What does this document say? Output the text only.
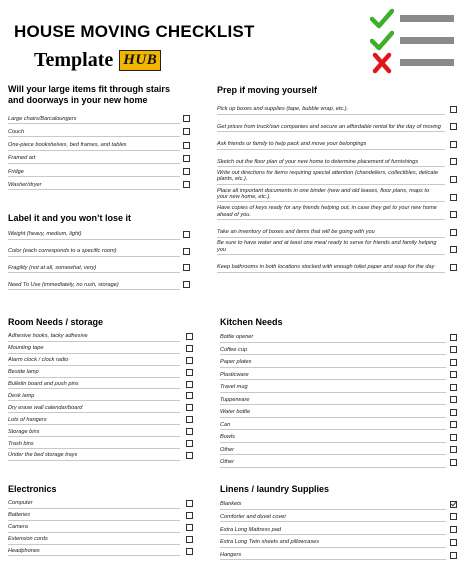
HOUSE MOVING CHECKLIST
Template HUB
Will your large items fit through stairs and doorways in your new home
Large chairs/Barcaloungers
Couch
One-piece bookshelves, bed frames, and tables
Framed art
Fridge
Washer/dryer
Label it and you won’t lose it
Weight (heavy, medium, light)
Color (each corresponds to a specific room)
Fragility (not at all, somewhat, very)
Need To Use (immediately, no rush, storage)
Prep if moving yourself
Pick up boxes and supplies (tape, bubble wrap, etc.).
Get prices from truck/van companies and secure an affordable rental for the day of moving
Ask friends or family to help pack and move your belongings
Sketch out the floor plan of your new home to determine placement of furnishings
Write out directions for items requiring special attention (chandeliers, collectibles, delicate plants, etc.).
Place all important documents in one binder (new and old leases, floor plans, maps to your new home, etc.).
Have copies of keys ready for any friends helping out, in case they get to your new home ahead of you.
Take an inventory of boxes and items that will be going with you
Be sure to have water and at least one meal ready to serve for friends and family helping you
Keep bathrooms in both locations stocked with enough toilet paper and soap for the day
Room Needs / storage
Adhesive hooks, tacky adhesive
Mounting tape
Alarm clock / clock radio
Beside lamp
Bulletin board and push pins
Desk lamp
Dry erase wall calendar/board
Lots of hangers
Storage bins
Trash bins
Under the bed storage trays
Kitchen Needs
Bottle opener
Coffee cup
Paper plates
Plasticware
Travel mug
Tupperware
Water bottle
Can
Bowls
Other
Other
Electronics
Computer
Batteries
Camera
Extension cords
Headphones
Linens / laundry Supplies
Blankets
Comforter and duvet cover
Extra Long Mattress pad
Extra Long Twin sheets and pillowcases
Hangers
